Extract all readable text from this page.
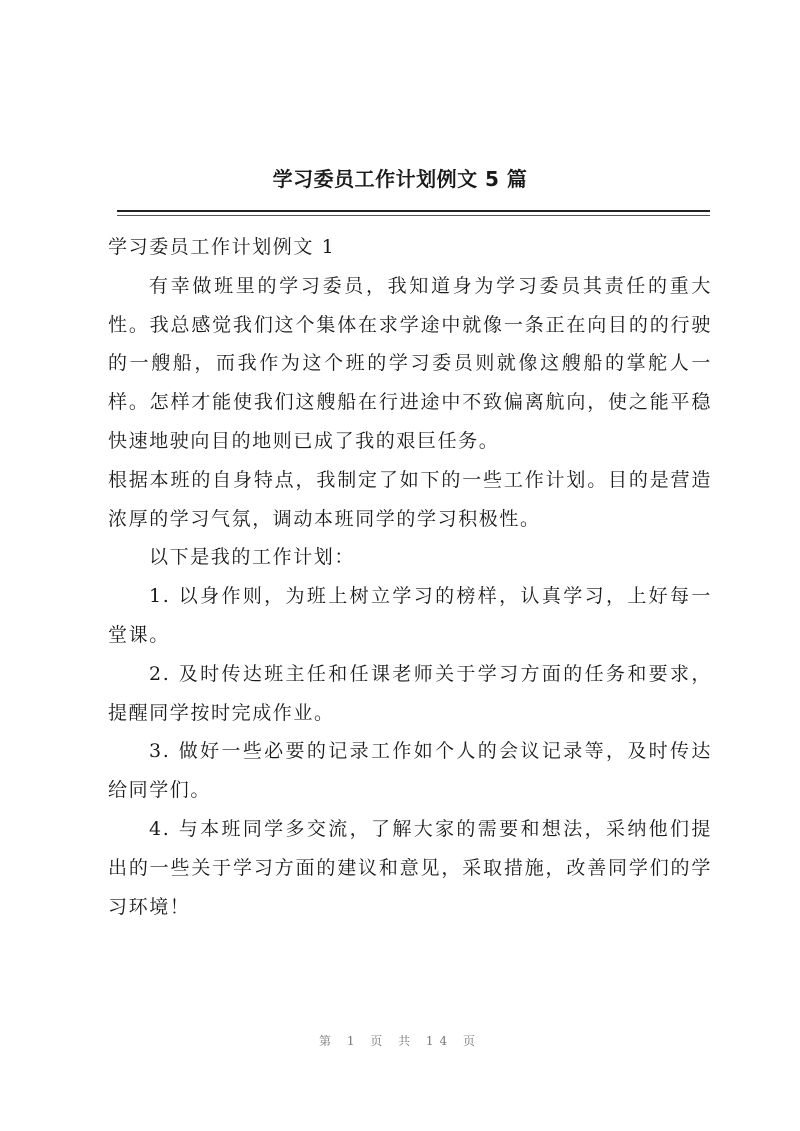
学习委员工作计划例文 5 篇

学习委员工作计划例文 1

有幸做班里的学习委员，我知道身为学习委员其责任的重大性。我总感觉我们这个集体在求学途中就像一条正在向目的的行驶的一艘船，而我作为这个班的学习委员则就像这艘船的掌舵人一样。怎样才能使我们这艘船在行进途中不致偏离航向，使之能平稳快速地驶向目的地则已成了我的艰巨任务。

根据本班的自身特点，我制定了如下的一些工作计划。目的是营造浓厚的学习气氛，调动本班同学的学习积极性。

以下是我的工作计划：

1. 以身作则，为班上树立学习的榜样，认真学习，上好每一堂课。

2. 及时传达班主任和任课老师关于学习方面的任务和要求，提醒同学按时完成作业。

3. 做好一些必要的记录工作如个人的会议记录等，及时传达给同学们。

4. 与本班同学多交流，了解大家的需要和想法，采纳他们提出的一些关于学习方面的建议和意见，采取措施，改善同学们的学习环境！

第 1 页 共 14 页
